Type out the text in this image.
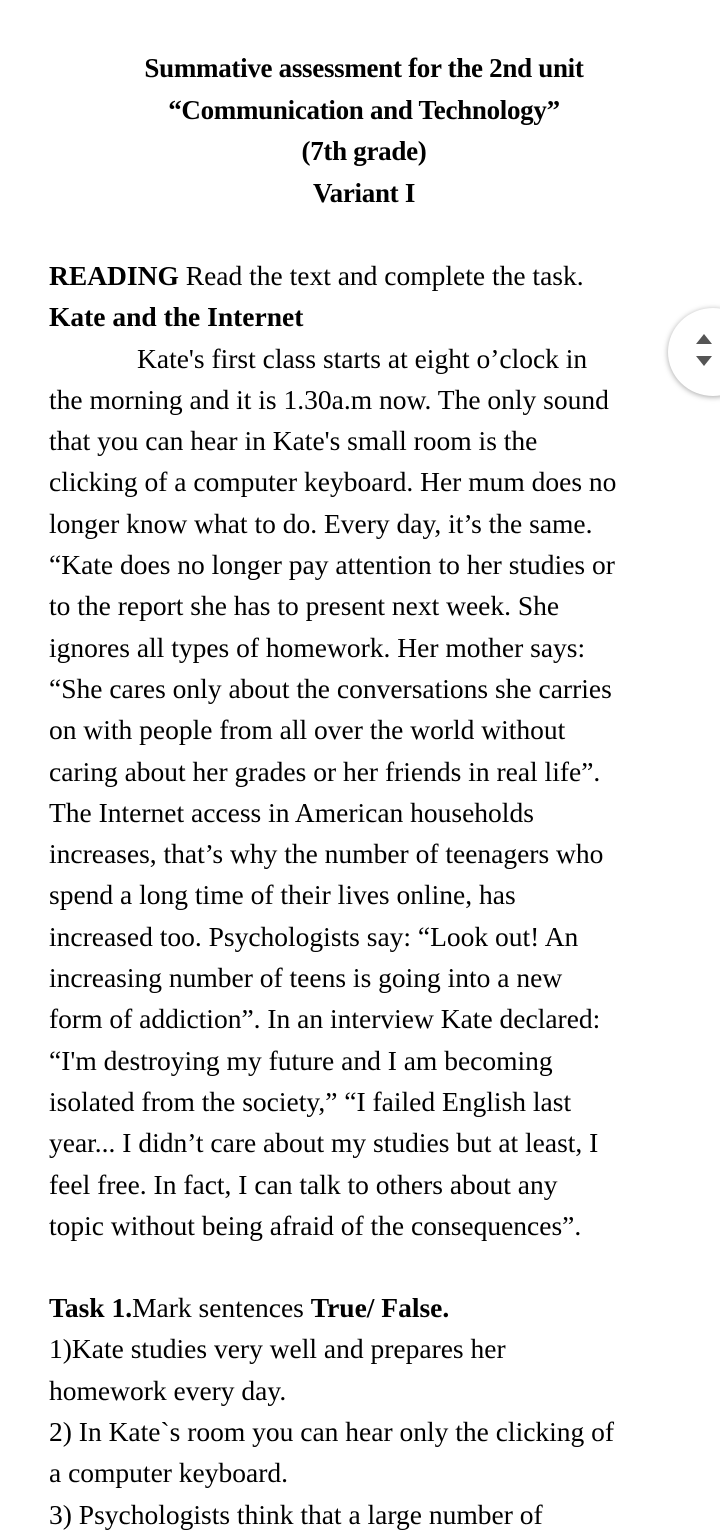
Summative assessment for the 2nd unit
“Communication and Technology”
(7th grade)
Variant I
READING Read the text and complete the task.
Kate and the Internet
Kate's first class starts at eight o’clock in
the morning and it is 1.30a.m now. The only sound
that you can hear in Kate's small room is the
clicking of a computer keyboard. Her mum does no
longer know what to do. Every day, it’s the same.
“Kate does no longer pay attention to her studies or
to the report she has to present next week. She
ignores all types of homework. Her mother says:
“She cares only about the conversations she carries
on with people from all over the world without
caring about her grades or her friends in real life”.
The Internet access in American households
increases, that’s why the number of teenagers who
spend a long time of their lives online, has
increased too. Psychologists say: “Look out! An
increasing number of teens is going into a new
form of addiction”. In an interview Kate declared:
“I'm destroying my future and I am becoming
isolated from the society,” “I failed English last
year... I didn’t care about my studies but at least, I
feel free. In fact, I can talk to others about any
topic without being afraid of the consequences”.
Task 1.Mark sentences True/ False.
1)Kate studies very well and prepares her
homework every day.
2) In Kate`s room you can hear only the clicking of
a computer keyboard.
3) Psychologists think that a large number of
